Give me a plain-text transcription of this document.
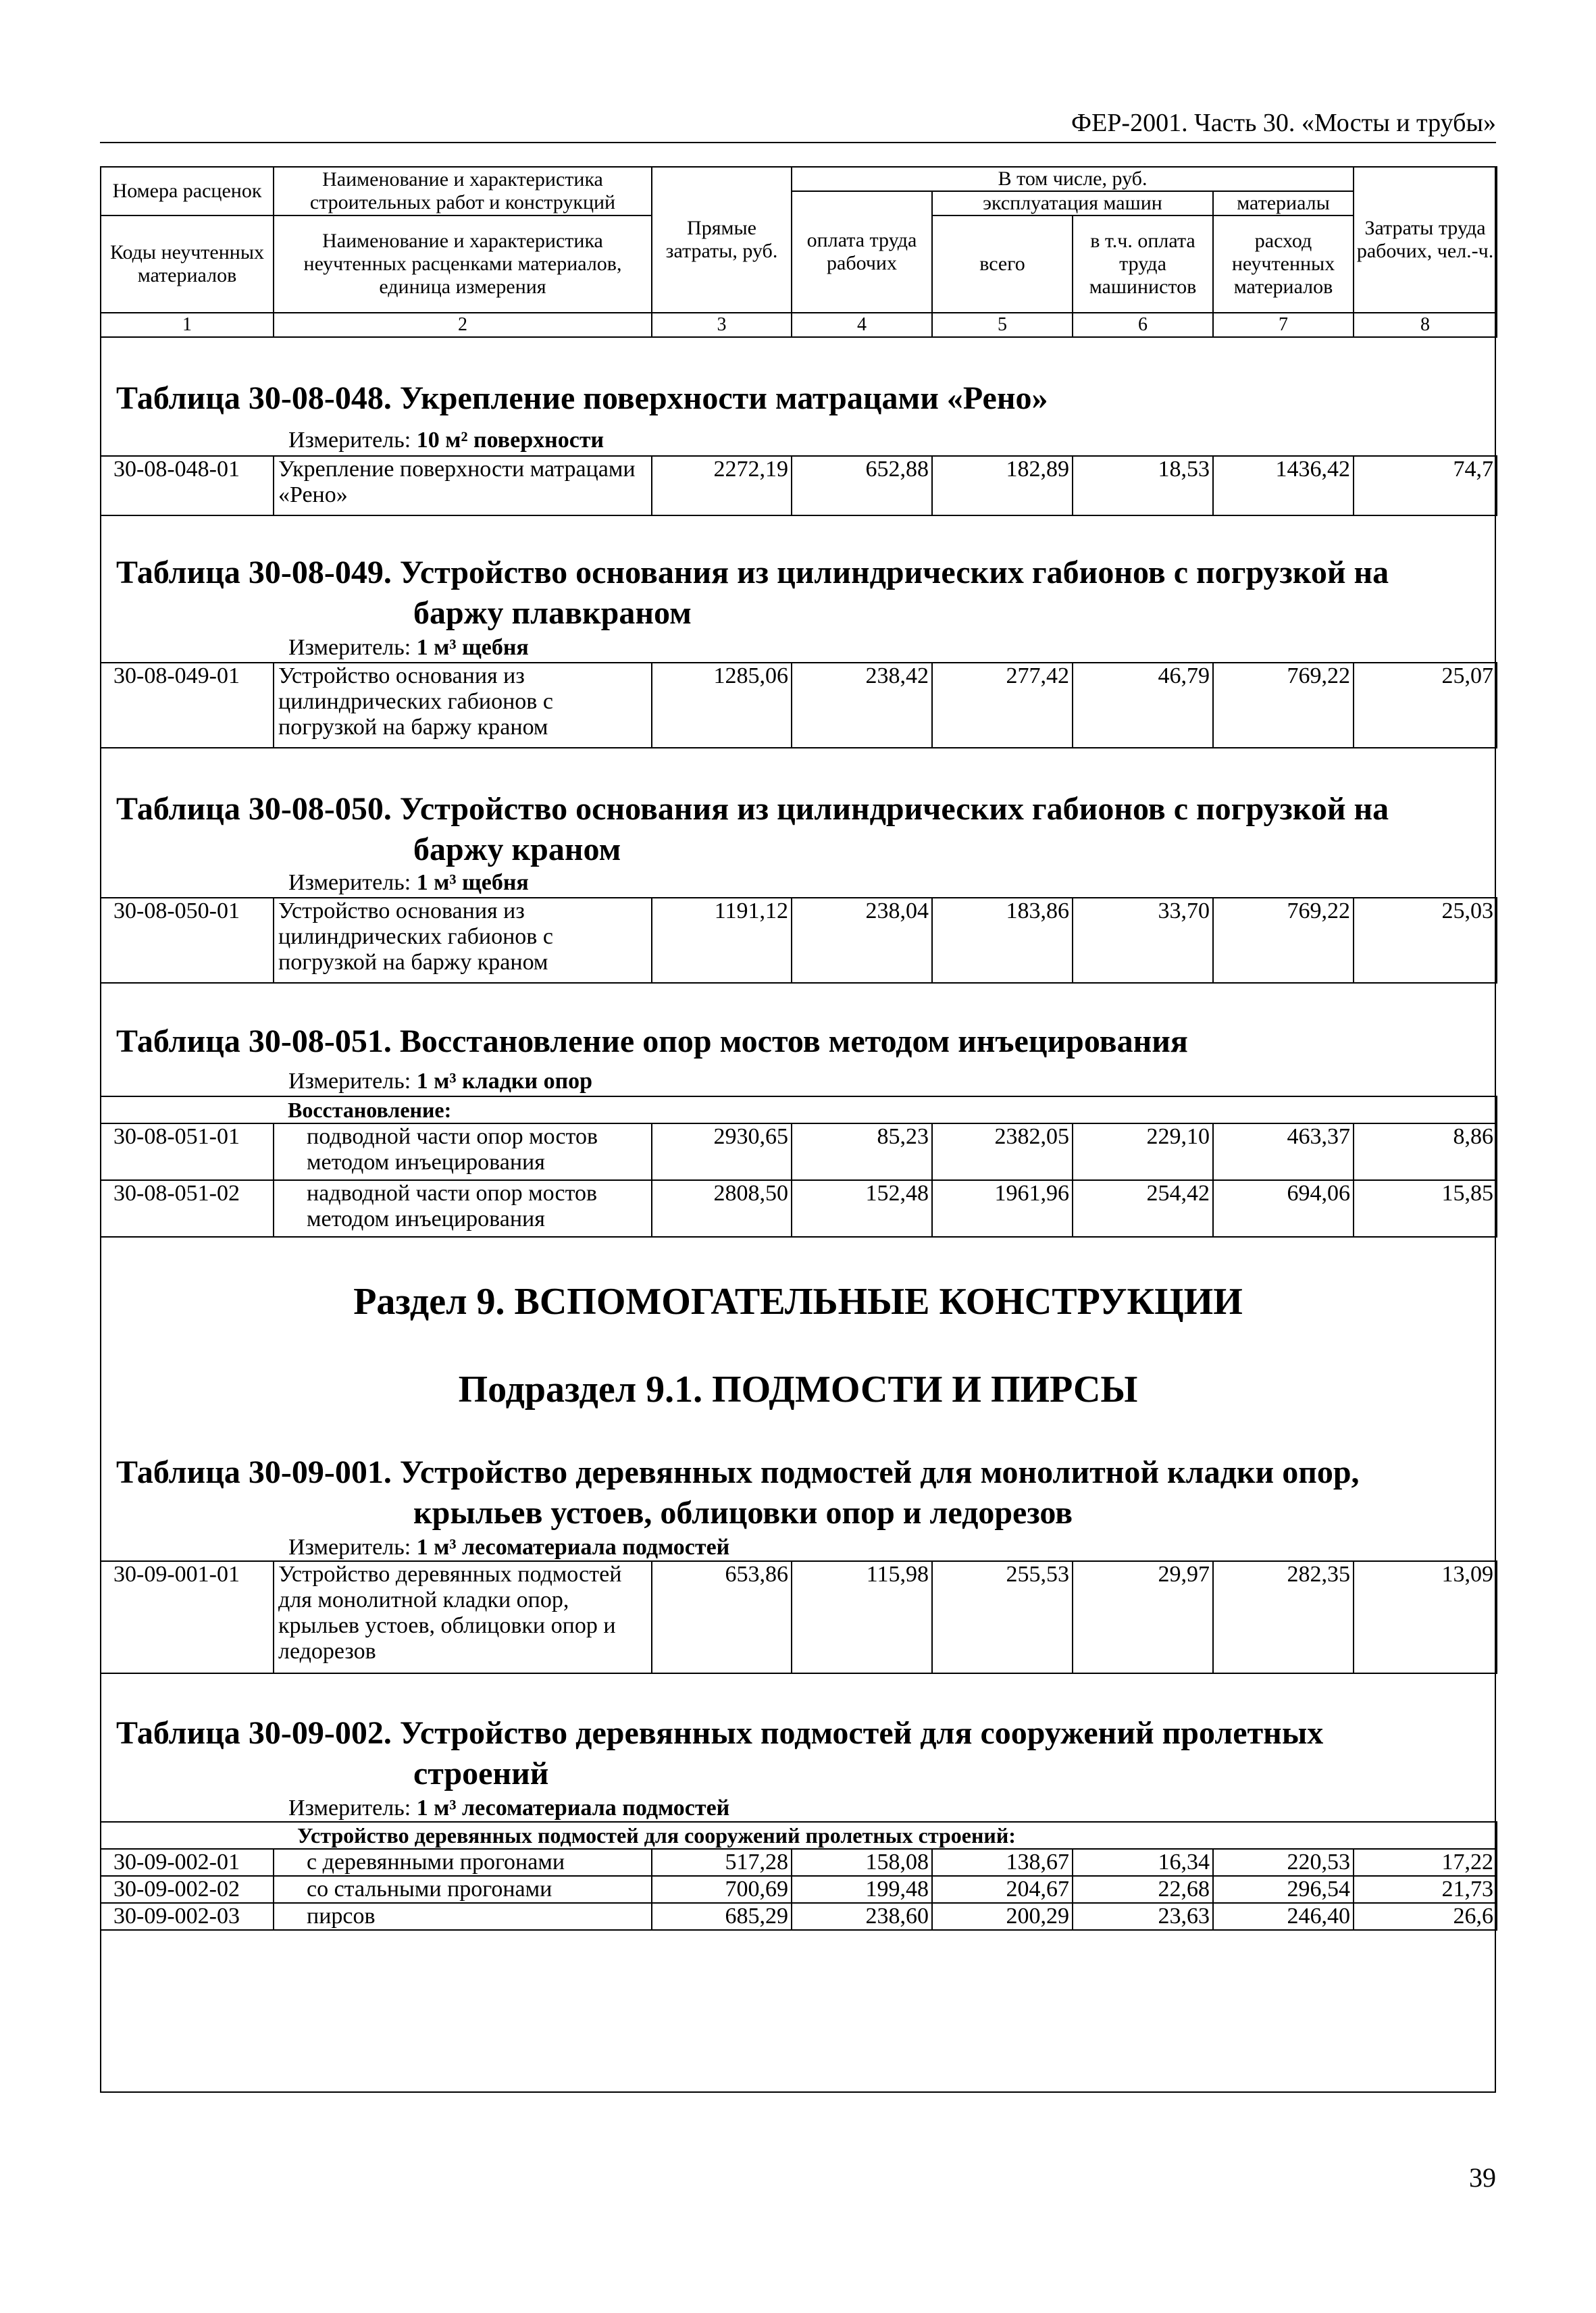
ФЕР-2001. Часть 30. «Мосты и трубы»
Номера расценок	Наименование и характеристика строительных работ и конструкций	Прямые затраты, руб.	В том числе, руб.				Затраты труда рабочих, чел.-ч.
			оплата труда рабочих	эксплуатация машин		материалы	
Коды неучтенных материалов	Наименование и характеристика неучтенных расценками материалов, единица измерения			всего	в т.ч. оплата труда машинистов	расход неучтенных материалов	

1	2	3	4	5	6	7	8
Таблица 30-08-048. Укрепление поверхности матрацами «Рено»
Измеритель: 10 м² поверхности
30-08-048-01	Укрепление поверхности матрацами «Рено»	2272,19	652,88	182,89	18,53	1436,42	74,7
Таблица 30-08-049. Устройство основания из цилиндрических габионов с погрузкой на
баржу плавкраном
Измеритель: 1 м³ щебня
30-08-049-01	Устройство основания из цилиндрических габионов с погрузкой на баржу краном	1285,06	238,42	277,42	46,79	769,22	25,07
Таблица 30-08-050. Устройство основания из цилиндрических габионов с погрузкой на
баржу краном
Измеритель: 1 м³ щебня
30-08-050-01	Устройство основания из цилиндрических габионов с погрузкой на баржу краном	1191,12	238,04	183,86	33,70	769,22	25,03
Таблица 30-08-051. Восстановление опор мостов методом инъецирования
Измеритель: 1 м³ кладки опор
Восстановление:							
30-08-051-01	подводной части опор мостов методом инъецирования	2930,65	85,23	2382,05	229,10	463,37	8,86
30-08-051-02	надводной части опор мостов методом инъецирования	2808,50	152,48	1961,96	254,42	694,06	15,85
Раздел 9. ВСПОМОГАТЕЛЬНЫЕ КОНСТРУКЦИИ
Подраздел 9.1. ПОДМОСТИ И ПИРСЫ
Таблица 30-09-001. Устройство деревянных подмостей для монолитной кладки опор,
крыльев устоев, облицовки опор и ледорезов
Измеритель: 1 м³ лесоматериала подмостей
30-09-001-01	Устройство деревянных подмостей для монолитной кладки опор, крыльев устоев, облицовки опор и ледорезов	653,86	115,98	255,53	29,97	282,35	13,09
Таблица 30-09-002. Устройство деревянных подмостей для сооружений пролетных
строений
Измеритель: 1 м³ лесоматериала подмостей
Устройство деревянных подмостей для сооружений пролетных строений:							
30-09-002-01	с деревянными прогонами	517,28	158,08	138,67	16,34	220,53	17,22
30-09-002-02	со стальными прогонами	700,69	199,48	204,67	22,68	296,54	21,73
30-09-002-03	пирсов	685,29	238,60	200,29	23,63	246,40	26,6
39
